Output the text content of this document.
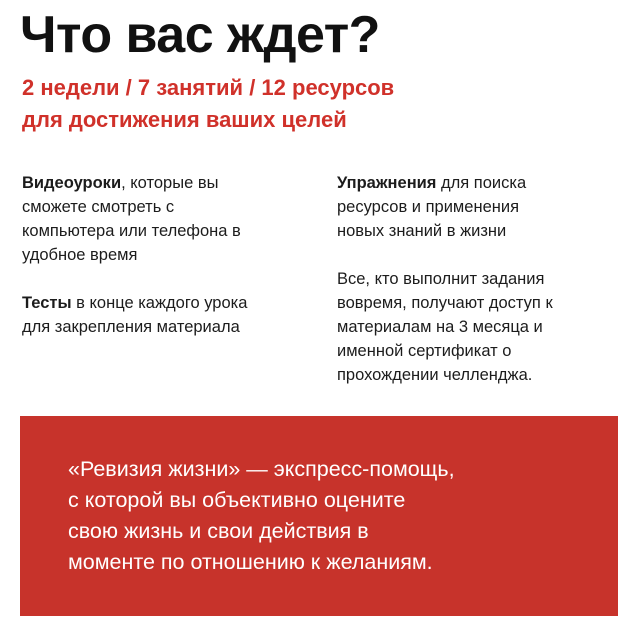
Что вас ждет?
2 недели / 7 занятий / 12 ресурсов
для достижения ваших целей

Видеоуроки, которые вы
сможете смотреть с
компьютера или телефона в
удобное время

Тесты в конце каждого урока
для закрепления материала

Упражнения для поиска
ресурсов и применения
новых знаний в жизни

Все, кто выполнит задания
вовремя, получают доступ к
материалам на 3 месяца и
именной сертификат о
прохождении челленджа.

«Ревизия жизни» — экспресс-помощь,
с которой вы объективно оцените
свою жизнь и свои действия в
моменте по отношению к желаниям.
